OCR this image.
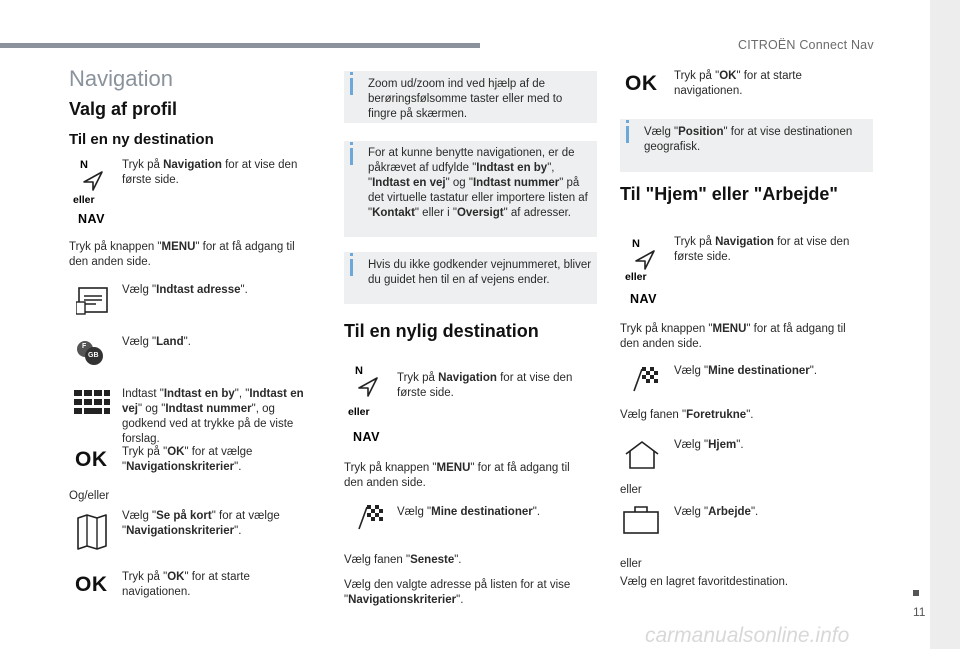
CITROËN Connect Nav
11
carmanualsonline.info
Navigation
Valg af profil
Til en ny destination
N
eller
NAV
Tryk på Navigation for at vise den første side.
Tryk på knappen "MENU" for at få adgang til den anden side.
Vælg "Indtast adresse".
F
GB
Vælg "Land".
Indtast "Indtast en by", "Indtast en vej" og "Indtast nummer", og godkend ved at trykke på de viste forslag.
OK Tryk på "OK" for at vælge "Navigationskriterier".
Og/eller
Vælg "Se på kort" for at vælge "Navigationskriterier".
OK Tryk på "OK" for at starte navigationen.
Zoom ud/zoom ind ved hjælp af de berøringsfølsomme taster eller med to fingre på skærmen.
For at kunne benytte navigationen, er de påkrævet af udfylde "Indtast en by", "Indtast en vej" og "Indtast nummer" på det virtuelle tastatur eller importere listen af "Kontakt" eller i "Oversigt" af adresser.
Hvis du ikke godkender vejnummeret, bliver du guidet hen til en af vejens ender.
Til en nylig destination
N
eller
NAV
Tryk på Navigation for at vise den første side.
Tryk på knappen "MENU" for at få adgang til den anden side.
Vælg "Mine destinationer".
Vælg fanen "Seneste".
Vælg den valgte adresse på listen for at vise "Navigationskriterier".
OK Tryk på "OK" for at starte navigationen.
Vælg "Position" for at vise destinationen geografisk.
Til "Hjem" eller "Arbejde"
N
eller
NAV
Tryk på Navigation for at vise den første side.
Tryk på knappen "MENU" for at få adgang til den anden side.
Vælg "Mine destinationer".
Vælg fanen "Foretrukne".
Vælg "Hjem".
eller
Vælg "Arbejde".
eller
Vælg en lagret favoritdestination.
